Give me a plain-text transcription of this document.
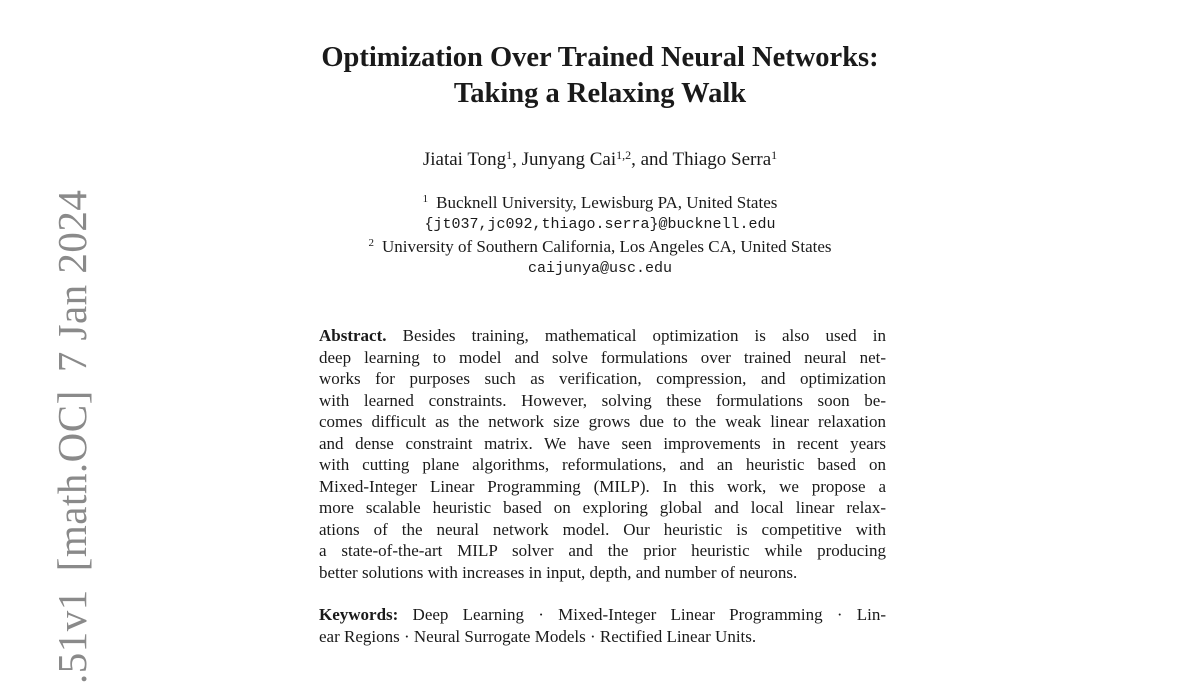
.51v1[math.OC]7 Jan 2024
Optimization Over Trained Neural Networks:
Taking a Relaxing Walk
Jiatai Tong$^1$, Junyang Cai$^{1,2}$, and Thiago Serra$^1$
$^1$ Bucknell University, Lewisburg PA, United States
{jt037,jc092,thiago.serra}@bucknell.edu
$^2$ University of Southern California, Los Angeles CA, United States
caijunya@usc.edu
Abstract. Besides training, mathematical optimization is also used in
deep learning to model and solve formulations over trained neural net-
works for purposes such as verification, compression, and optimization
with learned constraints. However, solving these formulations soon be-
comes difficult as the network size grows due to the weak linear relaxation
and dense constraint matrix. We have seen improvements in recent years
with cutting plane algorithms, reformulations, and an heuristic based on
Mixed-Integer Linear Programming (MILP). In this work, we propose a
more scalable heuristic based on exploring global and local linear relax-
ations of the neural network model. Our heuristic is competitive with
a state-of-the-art MILP solver and the prior heuristic while producing
better solutions with increases in input, depth, and number of neurons.
Keywords: Deep Learning · Mixed-Integer Linear Programming · Lin-
ear Regions · Neural Surrogate Models · Rectified Linear Units.
